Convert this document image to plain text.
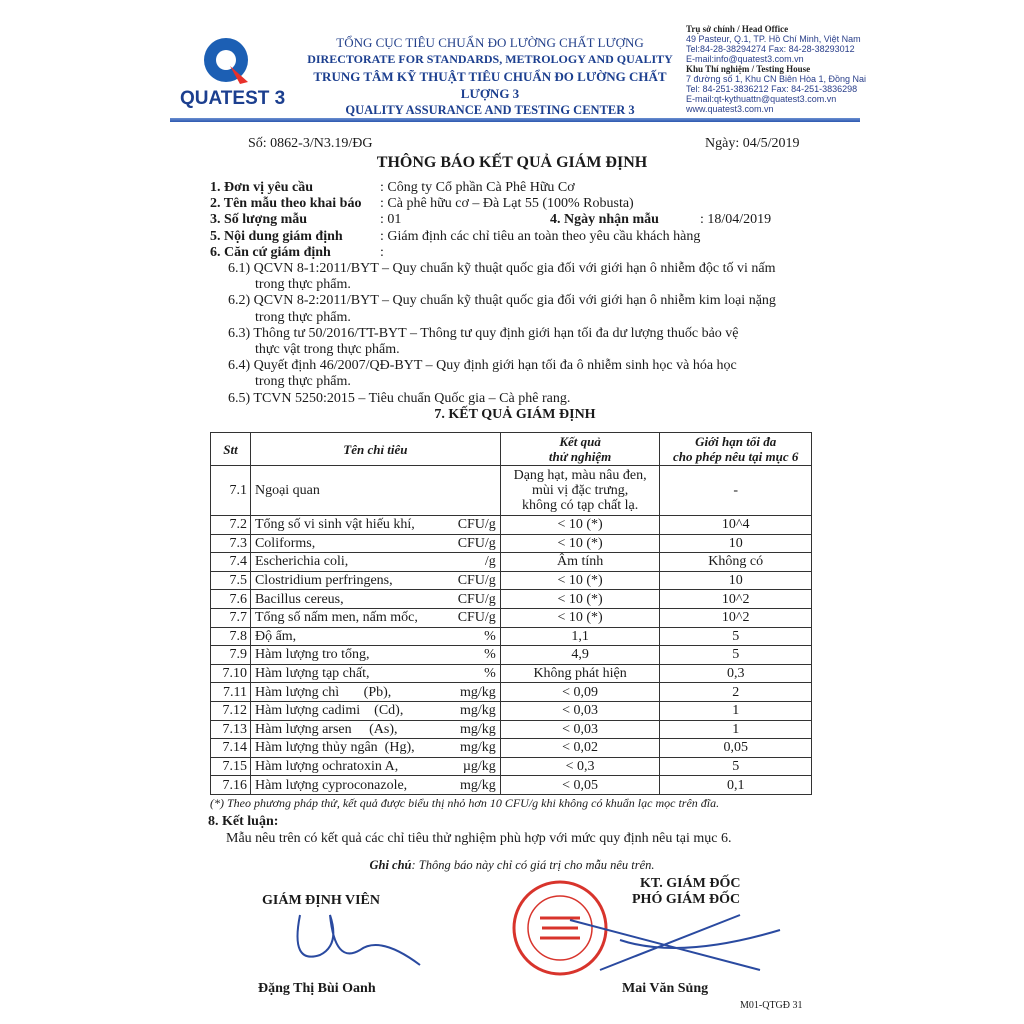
QUATEST 3
TỔNG CỤC TIÊU CHUẨN ĐO LƯỜNG CHẤT LƯỢNG
DIRECTORATE FOR STANDARDS, METROLOGY AND QUALITY
TRUNG TÂM KỸ THUẬT TIÊU CHUẨN ĐO LƯỜNG CHẤT LƯỢNG 3
QUALITY ASSURANCE AND TESTING CENTER 3
Trụ sở chính / Head Office
49 Pasteur, Q.1, TP. Hồ Chí Minh, Việt Nam
Tel:84-28-38294274 Fax: 84-28-38293012
E-mail:info@quatest3.com.vn
Khu Thí nghiệm / Testing House
7 đường số 1, Khu CN Biên Hòa 1, Đồng Nai
Tel: 84-251-3836212 Fax: 84-251-3836298
E-mail:qt-kythuattn@quatest3.com.vn
www.quatest3.com.vn
Số: 0862-3/N3.19/ĐG	Ngày: 04/5/2019
THÔNG BÁO KẾT QUẢ GIÁM ĐỊNH
1. Đơn vị yêu cầu	: Công ty Cổ phần Cà Phê Hữu Cơ
2. Tên mẫu theo khai báo	: Cà phê hữu cơ – Đà Lạt 55 (100% Robusta)
3. Số lượng mẫu	: 01	4. Ngày nhận mẫu	: 18/04/2019
5. Nội dung giám định	: Giám định các chỉ tiêu an toàn theo yêu cầu khách hàng
6. Căn cứ giám định	:
6.1) QCVN 8-1:2011/BYT – Quy chuẩn kỹ thuật quốc gia đối với giới hạn ô nhiễm độc tố vi nấm
trong thực phẩm.
6.2) QCVN 8-2:2011/BYT – Quy chuẩn kỹ thuật quốc gia đối với giới hạn ô nhiễm kim loại nặng
trong thực phẩm.
6.3) Thông tư 50/2016/TT-BYT – Thông tư quy định giới hạn tối đa dư lượng thuốc bảo vệ
thực vật trong thực phẩm.
6.4) Quyết định 46/2007/QĐ-BYT – Quy định giới hạn tối đa ô nhiễm sinh học và hóa học
trong thực phẩm.
6.5) TCVN 5250:2015 – Tiêu chuẩn Quốc gia – Cà phê rang.
7. KẾT QUẢ GIÁM ĐỊNH
Stt	Tên chỉ tiêu	Kết quả
thử nghiệm	Giới hạn tối đa
cho phép nêu tại mục 6
7.1	Ngoại quan	Dạng hạt, màu nâu đen,
mùi vị đặc trưng,
không có tạp chất lạ.	-
7.2	Tổng số vi sinh vật hiếu khí, CFU/g	< 10 (*)	10^4
7.3	Coliforms, CFU/g	< 10 (*)	10
7.4	Escherichia coli, /g	Âm tính	Không có
7.5	Clostridium perfringens, CFU/g	< 10 (*)	10
7.6	Bacillus cereus, CFU/g	< 10 (*)	10^2
7.7	Tổng số nấm men, nấm mốc, CFU/g	< 10 (*)	10^2
7.8	Độ ẩm, %	1,1	5
7.9	Hàm lượng tro tổng, %	4,9	5
7.10	Hàm lượng tạp chất, %	Không phát hiện	0,3
7.11	Hàm lượng chì       (Pb), mg/kg	< 0,09	2
7.12	Hàm lượng cadimi    (Cd), mg/kg	< 0,03	1
7.13	Hàm lượng arsen     (As), mg/kg	< 0,03	1
7.14	Hàm lượng thủy ngân  (Hg), mg/kg	< 0,02	0,05
7.15	Hàm lượng ochratoxin A, µg/kg	< 0,3	5
7.16	Hàm lượng cyproconazole, mg/kg	< 0,05	0,1
(*) Theo phương pháp thử, kết quả được biểu thị nhỏ hơn 10 CFU/g khi không có khuẩn lạc mọc trên đĩa.
8. Kết luận:
Mẫu nêu trên có kết quả các chỉ tiêu thử nghiệm phù hợp với mức quy định nêu tại mục 6.
Ghi chú: Thông báo này chỉ có giá trị cho mẫu nêu trên.
GIÁM ĐỊNH VIÊN
Đặng Thị Bùi Oanh
KT. GIÁM ĐỐC
PHÓ GIÁM ĐỐC
Mai Văn Sủng
M01-QTGĐ 31
